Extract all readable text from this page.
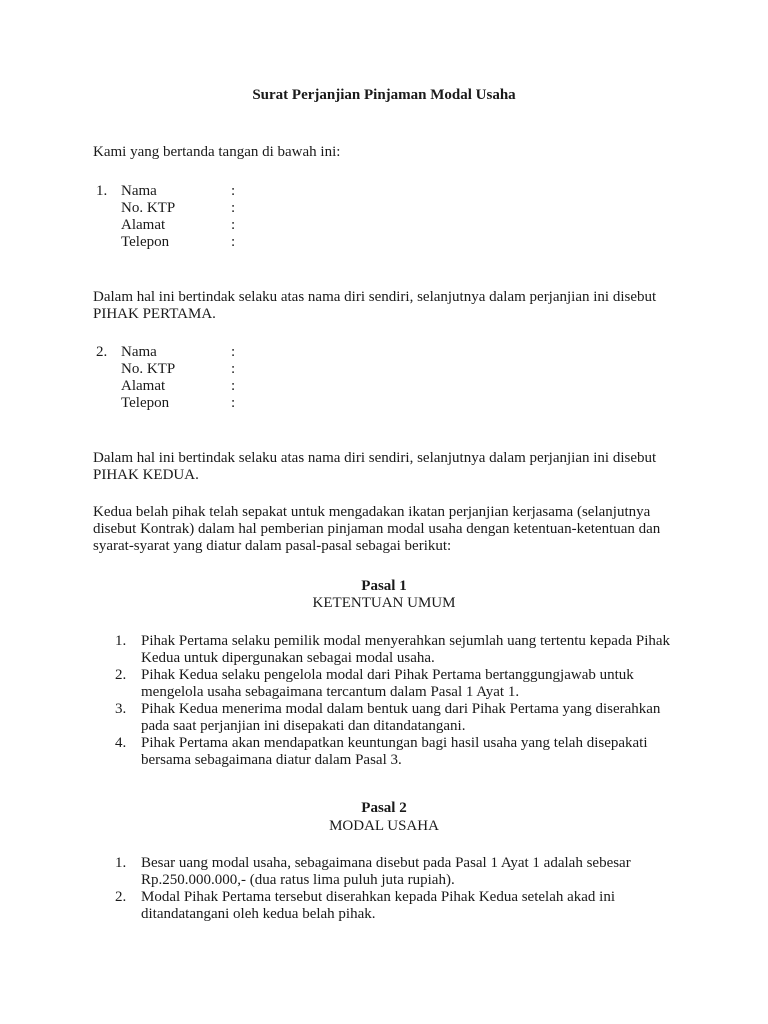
Surat Perjanjian Pinjaman Modal Usaha
Kami yang bertanda tangan di bawah ini:
1. Nama	:
No. KTP	:
Alamat	:
Telepon	:
Dalam hal ini bertindak selaku atas nama diri sendiri, selanjutnya dalam perjanjian ini disebut PIHAK PERTAMA.
2. Nama	:
No. KTP	:
Alamat	:
Telepon	:
Dalam hal ini bertindak selaku atas nama diri sendiri, selanjutnya dalam perjanjian ini disebut PIHAK KEDUA.
Kedua belah pihak telah sepakat untuk mengadakan ikatan perjanjian kerjasama (selanjutnya disebut Kontrak) dalam hal pemberian pinjaman modal usaha dengan ketentuan-ketentuan dan syarat-syarat yang diatur dalam pasal-pasal sebagai berikut:
Pasal 1
KETENTUAN UMUM
1. Pihak Pertama selaku pemilik modal menyerahkan sejumlah uang tertentu kepada Pihak Kedua untuk dipergunakan sebagai modal usaha.
2. Pihak Kedua selaku pengelola modal dari Pihak Pertama bertanggungjawab untuk mengelola usaha sebagaimana tercantum dalam Pasal 1 Ayat 1.
3. Pihak Kedua menerima modal dalam bentuk uang dari Pihak Pertama yang diserahkan pada saat perjanjian ini disepakati dan ditandatangani.
4. Pihak Pertama akan mendapatkan keuntungan bagi hasil usaha yang telah disepakati bersama sebagaimana diatur dalam Pasal 3.
Pasal 2
MODAL USAHA
1. Besar uang modal usaha, sebagaimana disebut pada Pasal 1 Ayat 1 adalah sebesar Rp.250.000.000,- (dua ratus lima puluh juta rupiah).
2. Modal Pihak Pertama tersebut diserahkan kepada Pihak Kedua setelah akad ini ditandatangani oleh kedua belah pihak.
